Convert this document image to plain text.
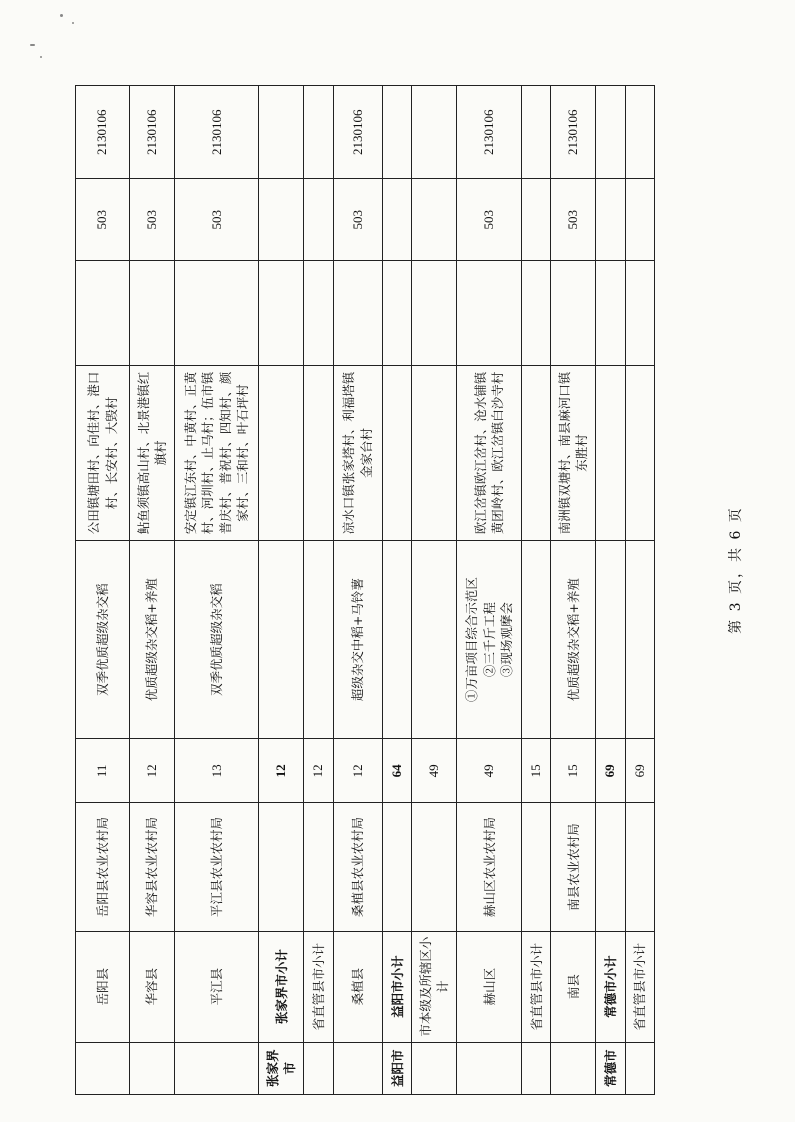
	岳阳县	岳阳县农业农村局	11	双季优质超级杂交稻	公田镇塘田村、向佳村、港口村、长安村、大毁村		503	2130106
	华容县	华容县农业农村局	12	优质超级杂交稻+养殖	鲇鱼须镇高山村、北景港镇红旗村		503	2130106
	平江县	平江县农业农村局	13	双季优质超级杂交稻	安定镇江东村、中黄村、正黄村、河圳村、止马村；伍市镇普庆村、普祝村、四知村、颜家村、三和村、叶石坪村		503	2130106
张家界市	张家界市小计		12					
	省直管县市小计		12					
	桑植县	桑植县农业农村局	12	超级杂交中稻+马铃薯	凉水口镇张家塔村、利福塔镇金家台村		503	2130106
益阳市	益阳市小计		64					
	市本级及所辖区小计		49					
	赫山区	赫山区农业农村局	49	①万亩项目综合示范区 ②三千斤工程 ③现场观摩会	欧江岔镇欧江岔村、沧水铺镇黄团岭村、欧江岔镇白沙寺村		503	2130106
	省直管县市小计		15					
	南县	南县农业农村局	15	优质超级杂交稻+养殖	南洲镇双塘村、南县麻河口镇东胜村		503	2130106
常德市	常德市小计		69					
	省直管县市小计		69					
第 3 页，共 6 页
